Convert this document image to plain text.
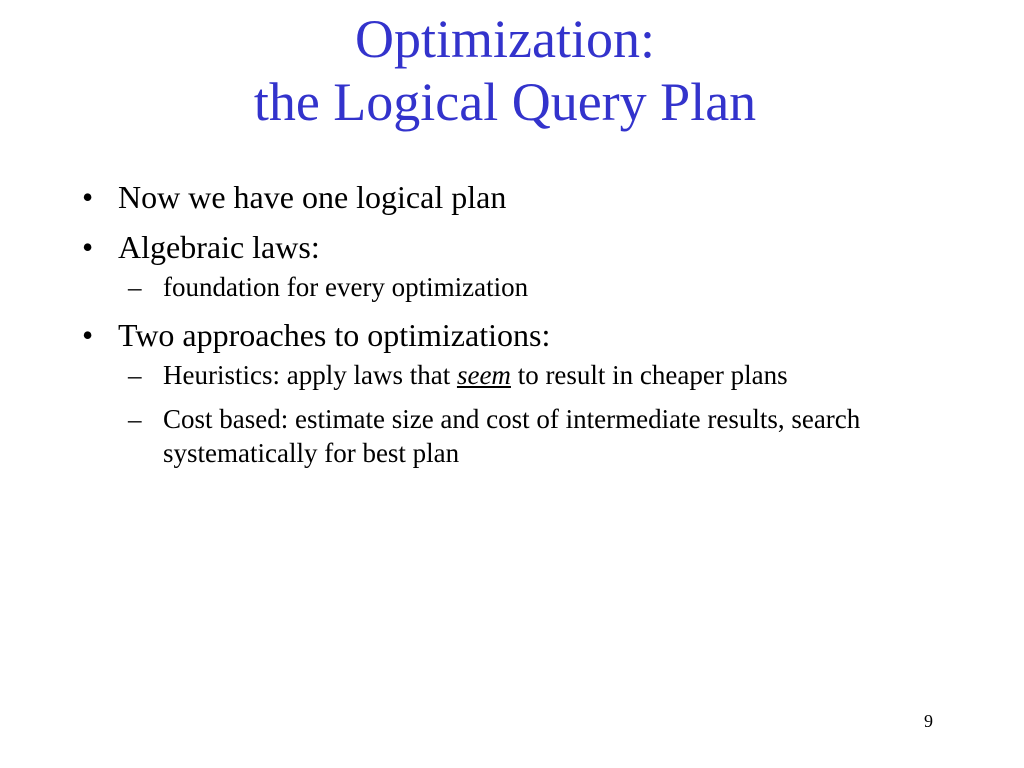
Optimization:
the Logical Query Plan
• Now we have one logical plan
• Algebraic laws:
– foundation for every optimization
• Two approaches to optimizations:
– Heuristics: apply laws that seem to result in cheaper plans
– Cost based: estimate size and cost of intermediate results, search systematically for best plan
9
